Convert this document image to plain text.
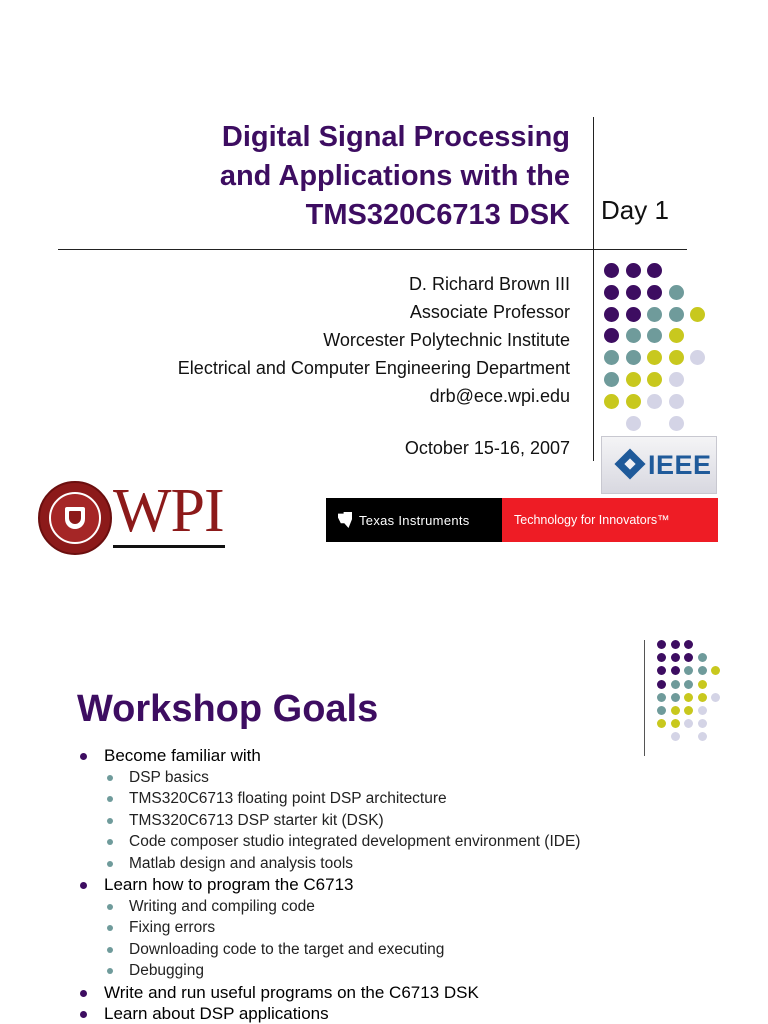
Digital Signal Processing
and Applications with the
TMS320C6713 DSK Day 1
D. Richard Brown III
Associate Professor
Worcester Polytechnic Institute
Electrical and Computer Engineering Department
drb@ece.wpi.edu
October 15-16, 2007
IEEE
WPI	Texas Instruments	Technology for Innovators™
Workshop Goals
Become familiar with
DSP basics
TMS320C6713 floating point DSP architecture
TMS320C6713 DSP starter kit (DSK)
Code composer studio integrated development environment (IDE)
Matlab design and analysis tools
Learn how to program the C6713
Writing and compiling code
Fixing errors
Downloading code to the target and executing
Debugging
Write and run useful programs on the C6713 DSK
Learn about DSP applications
